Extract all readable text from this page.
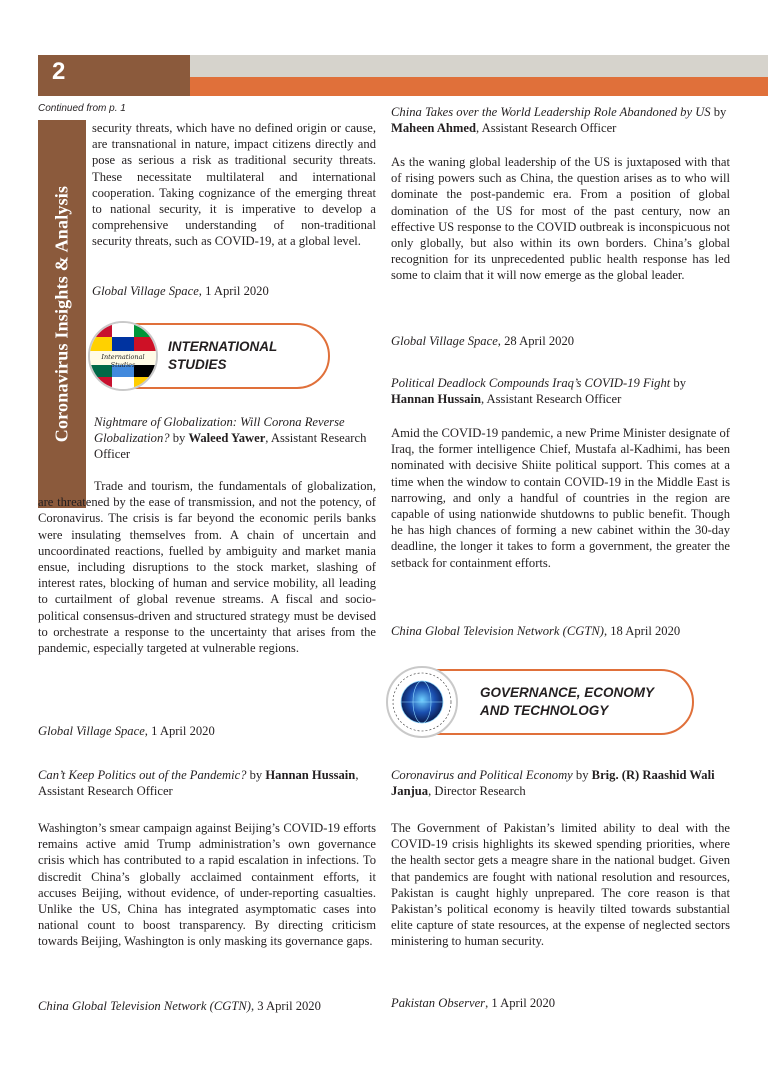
2
Coronavirus Insights & Analysis
Continued from p. 1
security threats, which have no defined origin or cause, are transnational in nature, impact citizens directly and pose as serious a risk as traditional security threats. These necessitate multilateral and international cooperation. Taking cognizance of the emerging threat to national security, it is imperative to develop a comprehensive understanding of non-traditional security threats, such as COVID-19, at a global level.
Global Village Space, 1 April 2020
International Studies
INTERNATIONAL
STUDIES
Nightmare of Globalization: Will Corona Reverse Globalization? by Waleed Yawer, Assistant Research Officer
Trade and tourism, the fundamentals of globalization, are threatened by the ease of transmission, and not the potency, of Coronavirus. The crisis is far beyond the economic perils banks were insulating themselves from. A chain of uncertain and uncoordinated reactions, fuelled by ambiguity and market mania ensue, including disruptions to the stock market, slashing of interest rates, blocking of human and service mobility, all leading to curtailment of global revenue streams. A fiscal and socio-political consensus-driven and structured strategy must be devised to orchestrate a response to the uncertainty that arises from the pandemic, especially targeted at vulnerable regions.
Global Village Space, 1 April 2020
Can’t Keep Politics out of the Pandemic? by Hannan Hussain, Assistant Research Officer
Washington’s smear campaign against Beijing’s COVID-19 efforts remains active amid Trump administration’s own governance crisis which has contributed to a rapid escalation in infections. To discredit China’s globally acclaimed containment efforts, it accuses Beijing, without evidence, of under-reporting casualties. Unlike the US, China has integrated asymptomatic cases into national count to boost transparency. By directing criticism towards Beijing, Washington is only masking its governance gaps.
China Global Television Network (CGTN), 3 April 2020
China Takes over the World Leadership Role Abandoned by US by Maheen Ahmed, Assistant Research Officer
As the waning global leadership of the US is juxtaposed with that of rising powers such as China, the question arises as to who will dominate the post-pandemic era. From a position of global domination of the US for most of the past century, now an effective US response to the COVID outbreak is inconspicuous not only globally, but also within its own borders. China’s global recognition for its unprecedented public health response has led some to claim that it will now emerge as the global leader.
Global Village Space, 28 April 2020
Political Deadlock Compounds Iraq’s COVID-19 Fight by Hannan Hussain, Assistant Research Officer
Amid the COVID-19 pandemic, a new Prime Minister designate of Iraq, the former intelligence Chief, Mustafa al-Kadhimi, has been nominated with decisive Shiite political support. This comes at a time when the window to contain COVID-19 in the Middle East is narrowing, and only a handful of countries in the region are capable of using nationwide shutdowns to public benefit. Though he has high chances of forming a new cabinet within the 30-day deadline, the longer it takes to form a government, the greater the setback for containment efforts.
China Global Television Network (CGTN), 18 April 2020
GOVERNANCE, ECONOMY
AND TECHNOLOGY
Coronavirus and Political Economy by Brig. (R) Raashid Wali Janjua, Director Research
The Government of Pakistan’s limited ability to deal with the COVID-19 crisis highlights its skewed spending priorities, where the health sector gets a meagre share in the national budget. Given that pandemics are fought with national resolution and resources, Pakistan is caught highly unprepared. The core reason is that Pakistan’s political economy is heavily tilted towards substantial elite capture of state resources, at the expense of neglected sectors ministering to human security.
Pakistan Observer, 1 April 2020
